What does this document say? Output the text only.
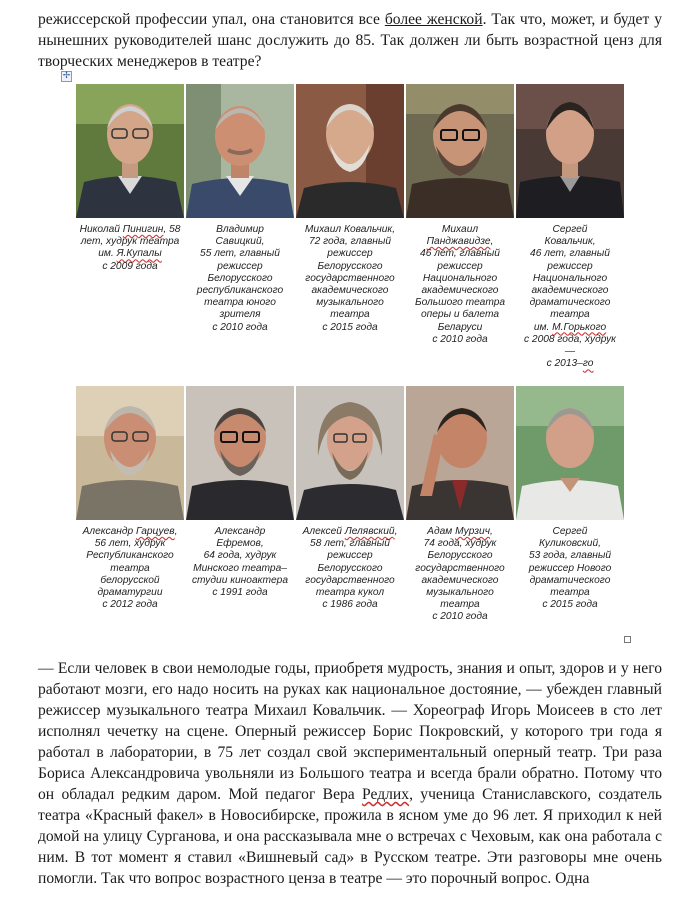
режиссерской профессии упал, она становится все более женской. Так что, может, и будет у нынешних руководителей шанс дослужить до 85. Так должен ли быть возрастной ценз для творческих менеджеров в театре?

✢
Николай Пинигин, 58
лет, худрук театра
им. Я.Купалы
с 2009 года
Владимир
Савицкий,
55 лет, главный
режиссер
Белорусского
республиканского
театра юного
зрителя
с 2010 года
Михаил Ковальчик,
72 года, главный
режиссер
Белорусского
государственного
академического
музыкального
театра
с 2015 года
Михаил
Панджавидзе,
46 лет, главный
режиссер
Национального
академического
Большого театра
оперы и балета
Беларуси
с 2010 года
Сергей
Ковальчик,
46 лет, главный
режиссер
Национального
академического
драматического
театра
им. М.Горького
с 2008 года, худрук
—
с 2013–го
Александр Гарцуев,
56 лет, худрук
Республиканского
театра
белорусской
драматургии
с 2012 года
Александр
Ефремов,
64 года, худрук
Минского театра–
студии киноактера
с 1991 года
Алексей Лелявский,
58 лет, главный
режиссер
Белорусского
государственного
театра кукол
с 1986 года
Адам Мурзич,
74 года, худрук
Белорусского
государственного
академического
музыкального
театра
с 2010 года
Сергей
Куликовский,
53 года, главный
режиссер Нового
драматического
театра
с 2015 года

— Если человек в свои немолодые годы, приобретя мудрость, знания и опыт, здоров и у него работают мозги, его надо носить на руках как национальное достояние, — убежден главный режиссер музыкального театра Михаил Ковальчик. — Хореограф Игорь Моисеев в сто лет исполнял чечетку на сцене. Оперный режиссер Борис Покровский, у которого три года я работал в лаборатории, в 75 лет создал свой экспериментальный оперный театр. Три раза Бориса Александровича увольняли из Большого театра и всегда брали обратно. Потому что он обладал редким даром. Мой педагог Вера Редлих, ученица Станиславского, создатель театра «Красный факел» в Новосибирске, прожила в ясном уме до 96 лет. Я приходил к ней домой на улицу Сурганова, и она рассказывала мне о встречах с Чеховым, как она работала с ним. В тот момент я ставил «Вишневый сад» в Русском театре. Эти разговоры мне очень помогли. Так что вопрос возрастного ценза в театре — это порочный вопрос. Одна
